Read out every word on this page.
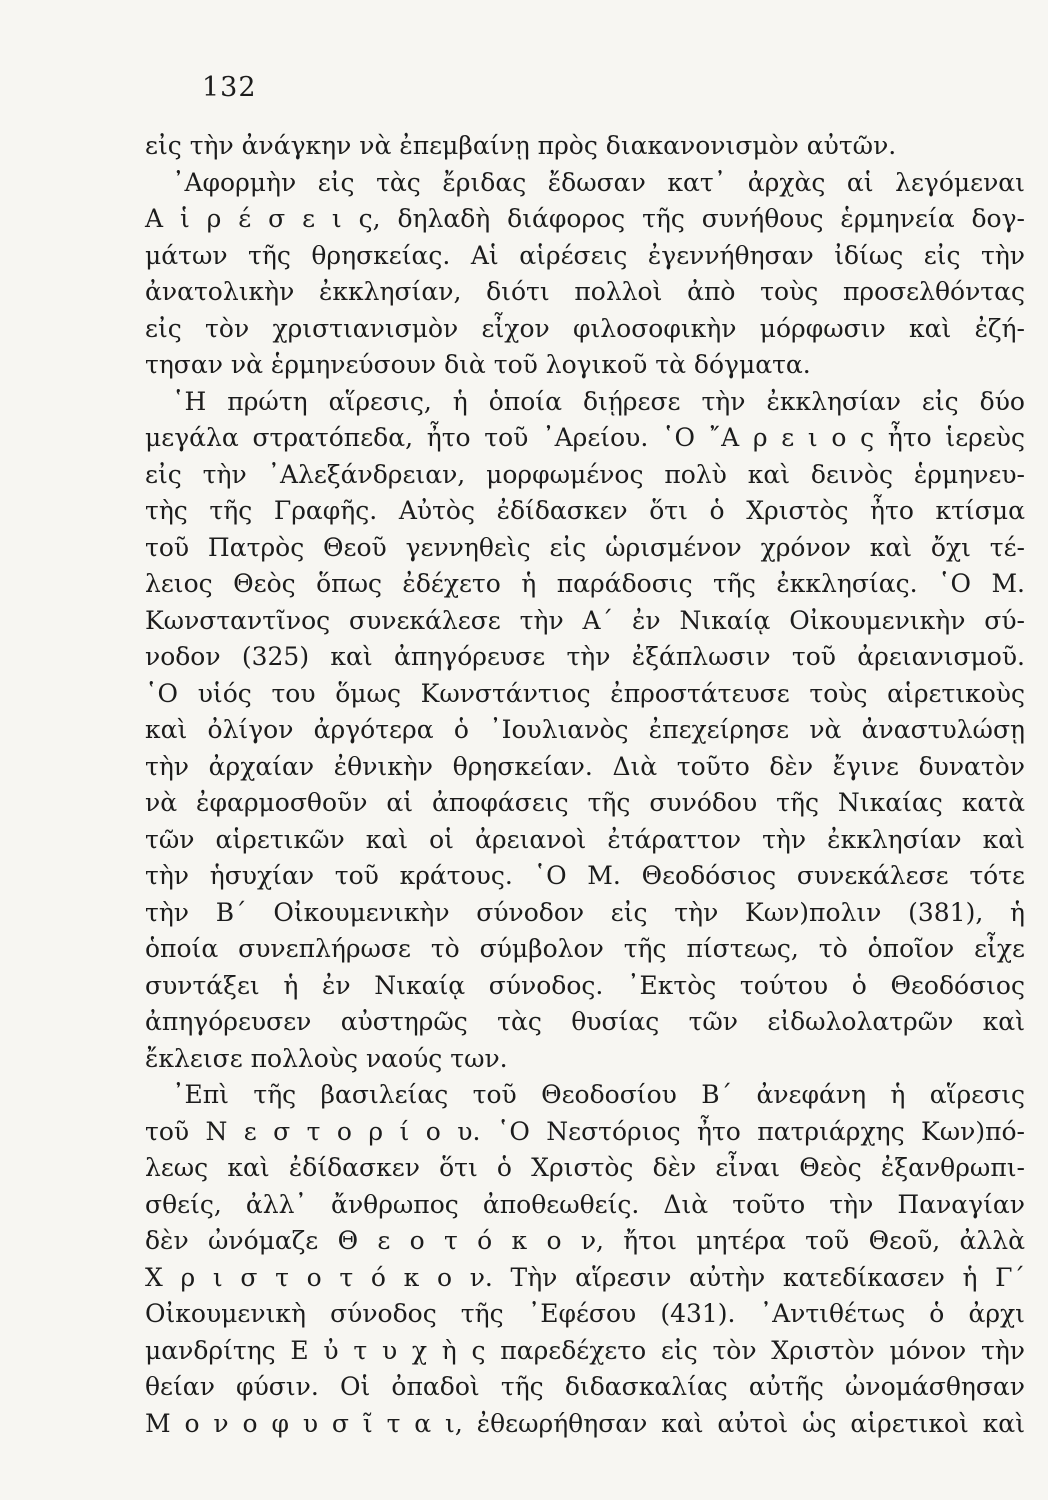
132

εἰς τὴν ἀνάγκην νὰ ἐπεμβαίνῃ πρὸς διακανονισμὸν αὐτῶν.
᾿Αφορμὴν εἰς τὰς ἔριδας ἔδωσαν κατ᾿ ἀρχὰς αἱ λεγόμεναι
Α ἱ ρ έ σ ε ι ς, δηλαδὴ διάφορος τῆς συνήθους ἑρμηνεία δογ-
μάτων τῆς θρησκείας. Αἱ αἱρέσεις ἐγεννήθησαν ἰδίως εἰς τὴν
ἀνατολικὴν ἐκκλησίαν, διότι πολλοὶ ἀπὸ τοὺς προσελθόντας
εἰς τὸν χριστιανισμὸν εἶχον φιλοσοφικὴν μόρφωσιν καὶ ἐζή-
τησαν νὰ ἑρμηνεύσουν διὰ τοῦ λογικοῦ τὰ δόγματα.
῾Η πρώτη αἵρεσις, ἡ ὁποία διῄρεσε τὴν ἐκκλησίαν εἰς δύο
μεγάλα στρατόπεδα, ἦτο τοῦ ᾿Αρείου. ῾Ο ῎Α ρ ε ι ο ς ἦτο ἱερεὺς
εἰς τὴν ᾿Αλεξάνδρειαν, μορφωμένος πολὺ καὶ δεινὸς ἑρμηνευ-
τὴς τῆς Γραφῆς. Αὐτὸς ἐδίδασκεν ὅτι ὁ Χριστὸς ἦτο κτίσμα
τοῦ Πατρὸς Θεοῦ γεννηθεὶς εἰς ὡρισμένον χρόνον καὶ ὄχι τέ-
λειος Θεὸς ὅπως ἐδέχετο ἡ παράδοσις τῆς ἐκκλησίας. ῾Ο Μ.
Κωνσταντῖνος συνεκάλεσε τὴν Α΄ ἐν Νικαίᾳ Οἰκουμενικὴν σύ-
νοδον (325) καὶ ἀπηγόρευσε τὴν ἐξάπλωσιν τοῦ ἀρειανισμοῦ.
῾Ο υἱός του ὅμως Κωνστάντιος ἐπροστάτευσε τοὺς αἱρετικοὺς
καὶ ὀλίγον ἀργότερα ὁ ᾿Ιουλιανὸς ἐπεχείρησε νὰ ἀναστυλώσῃ
τὴν ἀρχαίαν ἐθνικὴν θρησκείαν. Διὰ τοῦτο δὲν ἔγινε δυνατὸν
νὰ ἐφαρμοσθοῦν αἱ ἀποφάσεις τῆς συνόδου τῆς Νικαίας κατὰ
τῶν αἱρετικῶν καὶ οἱ ἀρειανοὶ ἐτάραττον τὴν ἐκκλησίαν καὶ
τὴν ἡσυχίαν τοῦ κράτους. ῾Ο Μ. Θεοδόσιος συνεκάλεσε τότε
τὴν Β΄ Οἰκουμενικὴν σύνοδον εἰς τὴν Κων)πολιν (381), ἡ
ὁποία συνεπλήρωσε τὸ σύμβολον τῆς πίστεως, τὸ ὁποῖον εἶχε
συντάξει ἡ ἐν Νικαίᾳ σύνοδος. ᾿Εκτὸς τούτου ὁ Θεοδόσιος
ἀπηγόρευσεν αὐστηρῶς τὰς θυσίας τῶν εἰδωλολατρῶν καὶ
ἔκλεισε πολλοὺς ναούς των.
᾿Επὶ τῆς βασιλείας τοῦ Θεοδοσίου Β΄ ἀνεφάνη ἡ αἵρεσις
τοῦ Ν ε σ τ ο ρ ί ο υ. ῾Ο Νεστόριος ἦτο πατριάρχης Κων)πό-
λεως καὶ ἐδίδασκεν ὅτι ὁ Χριστὸς δὲν εἶναι Θεὸς ἐξανθρωπι-
σθείς, ἀλλ᾿ ἄνθρωπος ἀποθεωθείς. Διὰ τοῦτο τὴν Παναγίαν
δὲν ὠνόμαζε Θ ε ο τ ό κ ο ν, ἤτοι μητέρα τοῦ Θεοῦ, ἀλλὰ
Χ ρ ι σ τ ο τ ό κ ο ν. Τὴν αἵρεσιν αὐτὴν κατεδίκασεν ἡ Γ΄
Οἰκουμενικὴ σύνοδος τῆς ᾿Εφέσου (431). ᾿Αντιθέτως ὁ ἀρχι
μανδρίτης Ε ὐ τ υ χ ὴ ς παρεδέχετο εἰς τὸν Χριστὸν μόνον τὴν
θείαν φύσιν. Οἱ ὀπαδοὶ τῆς διδασκαλίας αὐτῆς ὠνομάσθησαν
Μ ο ν ο φ υ σ ῖ τ α ι, ἐθεωρήθησαν καὶ αὐτοὶ ὡς αἱρετικοὶ καὶ
